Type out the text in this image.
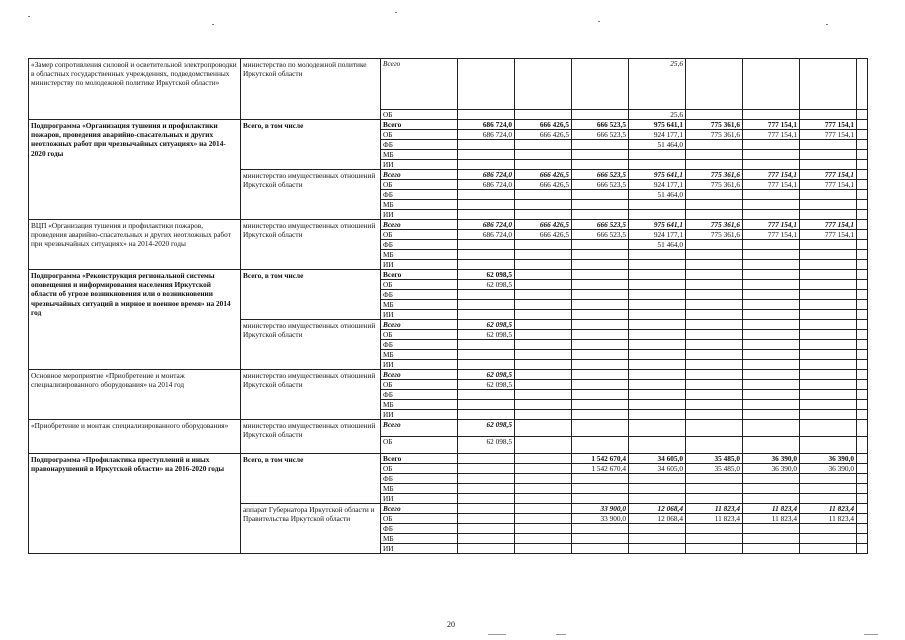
«Замер сопротивления силовой и осветительной электропроводки в областных государственных учреждениях, подведомственных министерству по молодежной политике Иркутской области»	министерство по молодежной политике Иркутской области	Всего				25,6				
		ОБ				25,6				
Подпрограмма «Организация тушения и профилактики пожаров, проведения аварийно-спасательных и других неотложных работ при чрезвычайных ситуациях» на 2014-2020 годы	Всего, в том числе	Всего	686 724,0	666 426,5	666 523,5	975 641,1	775 361,6	777 154,1	777 154,1	
		ОБ	686 724,0	666 426,5	666 523,5	924 177,1	775 361,6	777 154,1	777 154,1	
		ФБ				51 464,0				
		МБ								
		ИИ								
	министерство имущественных отношений Иркутской области	Всего	686 724,0	666 426,5	666 523,5	975 641,1	775 361,6	777 154,1	777 154,1	
		ОБ	686 724,0	666 426,5	666 523,5	924 177,1	775 361,6	777 154,1	777 154,1	
		ФБ				51 464,0				
		МБ								
		ИИ								
ВЦП «Организация тушения и профилактики пожаров, проведения аварийно-спасательных и других неотложных работ при чрезвычайных ситуациях» на 2014-2020 годы	министерство имущественных отношений Иркутской области	Всего	686 724,0	666 426,5	666 523,5	975 641,1	775 361,6	777 154,1	777 154,1	
		ОБ	686 724,0	666 426,5	666 523,5	924 177,1	775 361,6	777 154,1	777 154,1	
		ФБ				51 464,0				
		МБ								
		ИИ								
Подпрограмма «Реконструкция региональной системы оповещения и информирования населения Иркутской области об угрозе возникновения или о возникновении чрезвычайных ситуаций в мирное и военное время» на 2014 год	Всего, в том числе	Всего	62 098,5							
		ОБ	62 098,5							
		ФБ								
		МБ								
		ИИ								
	министерство имущественных отношений Иркутской области	Всего	62 098,5							
		ОБ	62 098,5							
		ФБ								
		МБ								
		ИИ								
Основное мероприятие «Приобретение и монтаж специализированного оборудования» на 2014 год	министерство имущественных отношений Иркутской области	Всего	62 098,5							
		ОБ	62 098,5							
		ФБ								
		МБ								
		ИИ								
«Приобретение и монтаж специализированного оборудования»	министерство имущественных отношений Иркутской области	Всего	62 098,5							
		ОБ	62 098,5							
Подпрограмма «Профилактика преступлений и иных правонарушений в Иркутской области» на 2016-2020 годы	Всего, в том числе	Всего			1 542 670,4	34 605,0	35 485,0	36 390,0	36 390,0	
		ОБ			1 542 670,4	34 605,0	35 485,0	36 390,0	36 390,0	
		ФБ								
		МБ								
		ИИ								
	аппарат Губернатора Иркутской области и Правительства Иркутской области	Всего			33 900,0	12 068,4	11 823,4	11 823,4	11 823,4	
		ОБ			33 900,0	12 068,4	11 823,4	11 823,4	11 823,4	
		ФБ								
		МБ								
		ИИ								
20
